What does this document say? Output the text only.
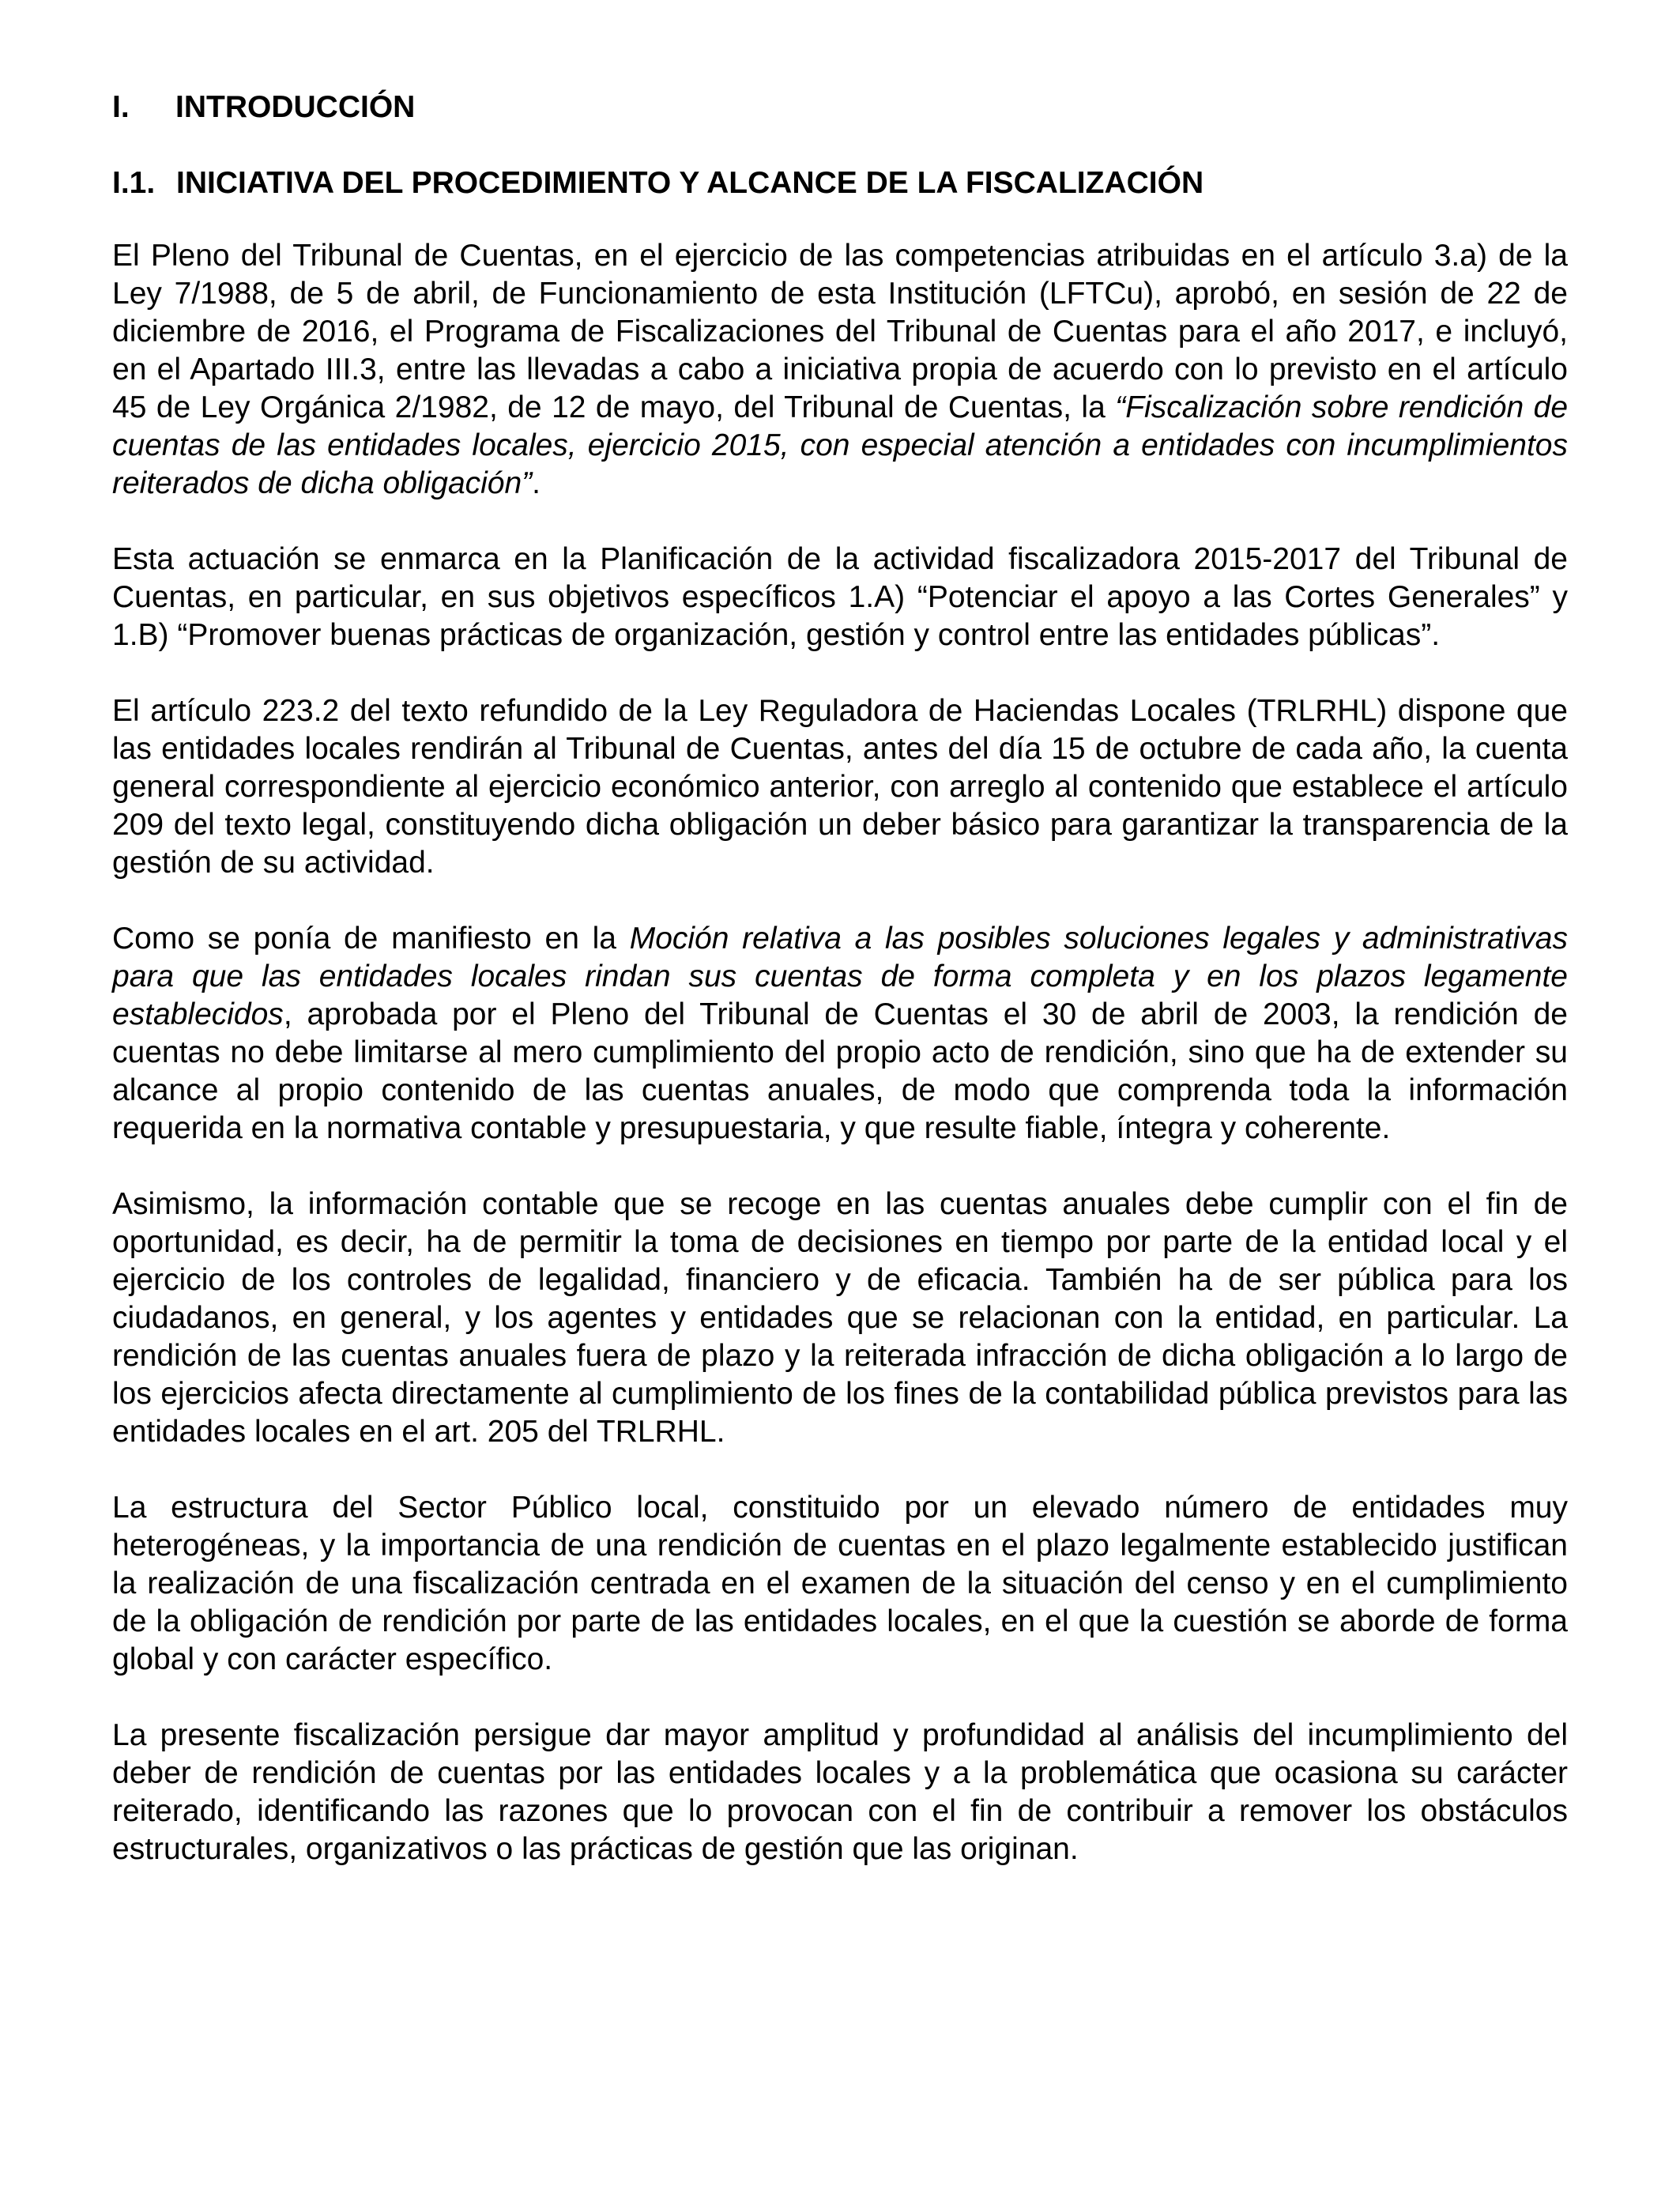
I.	INTRODUCCIÓN
I.1. INICIATIVA DEL PROCEDIMIENTO Y ALCANCE DE LA FISCALIZACIÓN

El Pleno del Tribunal de Cuentas, en el ejercicio de las competencias atribuidas en el artículo 3.a) de la Ley 7/1988, de 5 de abril, de Funcionamiento de esta Institución (LFTCu), aprobó, en sesión de 22 de diciembre de 2016, el Programa de Fiscalizaciones del Tribunal de Cuentas para el año 2017, e incluyó, en el Apartado III.3, entre las llevadas a cabo a iniciativa propia de acuerdo con lo previsto en el artículo 45 de Ley Orgánica 2/1982, de 12 de mayo, del Tribunal de Cuentas, la “Fiscalización sobre rendición de cuentas de las entidades locales, ejercicio 2015, con especial atención a entidades con incumplimientos reiterados de dicha obligación”.

Esta actuación se enmarca en la Planificación de la actividad fiscalizadora 2015-2017 del Tribunal de Cuentas, en particular, en sus objetivos específicos 1.A) “Potenciar el apoyo a las Cortes Generales” y 1.B) “Promover buenas prácticas de organización, gestión y control entre las entidades públicas”.

El artículo 223.2 del texto refundido de la Ley Reguladora de Haciendas Locales (TRLRHL) dispone que las entidades locales rendirán al Tribunal de Cuentas, antes del día 15 de octubre de cada año, la cuenta general correspondiente al ejercicio económico anterior, con arreglo al contenido que establece el artículo 209 del texto legal, constituyendo dicha obligación un deber básico para garantizar la transparencia de la gestión de su actividad.

Como se ponía de manifiesto en la Moción relativa a las posibles soluciones legales y administrativas para que las entidades locales rindan sus cuentas de forma completa y en los plazos legamente establecidos, aprobada por el Pleno del Tribunal de Cuentas el 30 de abril de 2003, la rendición de cuentas no debe limitarse al mero cumplimiento del propio acto de rendición, sino que ha de extender su alcance al propio contenido de las cuentas anuales, de modo que comprenda toda la información requerida en la normativa contable y presupuestaria, y que resulte fiable, íntegra y coherente.

Asimismo, la información contable que se recoge en las cuentas anuales debe cumplir con el fin de oportunidad, es decir, ha de permitir la toma de decisiones en tiempo por parte de la entidad local y el ejercicio de los controles de legalidad, financiero y de eficacia. También ha de ser pública para los ciudadanos, en general, y los agentes y entidades que se relacionan con la entidad, en particular. La rendición de las cuentas anuales fuera de plazo y la reiterada infracción de dicha obligación a lo largo de los ejercicios afecta directamente al cumplimiento de los fines de la contabilidad pública previstos para las entidades locales en el art. 205 del TRLRHL.

La estructura del Sector Público local, constituido por un elevado número de entidades muy heterogéneas, y la importancia de una rendición de cuentas en el plazo legalmente establecido justifican la realización de una fiscalización centrada en el examen de la situación del censo y en el cumplimiento de la obligación de rendición por parte de las entidades locales, en el que la cuestión se aborde de forma global y con carácter específico.

La presente fiscalización persigue dar mayor amplitud y profundidad al análisis del incumplimiento del deber de rendición de cuentas por las entidades locales y a la problemática que ocasiona su carácter reiterado, identificando las razones que lo provocan con el fin de contribuir a remover los obstáculos estructurales, organizativos o las prácticas de gestión que las originan.
